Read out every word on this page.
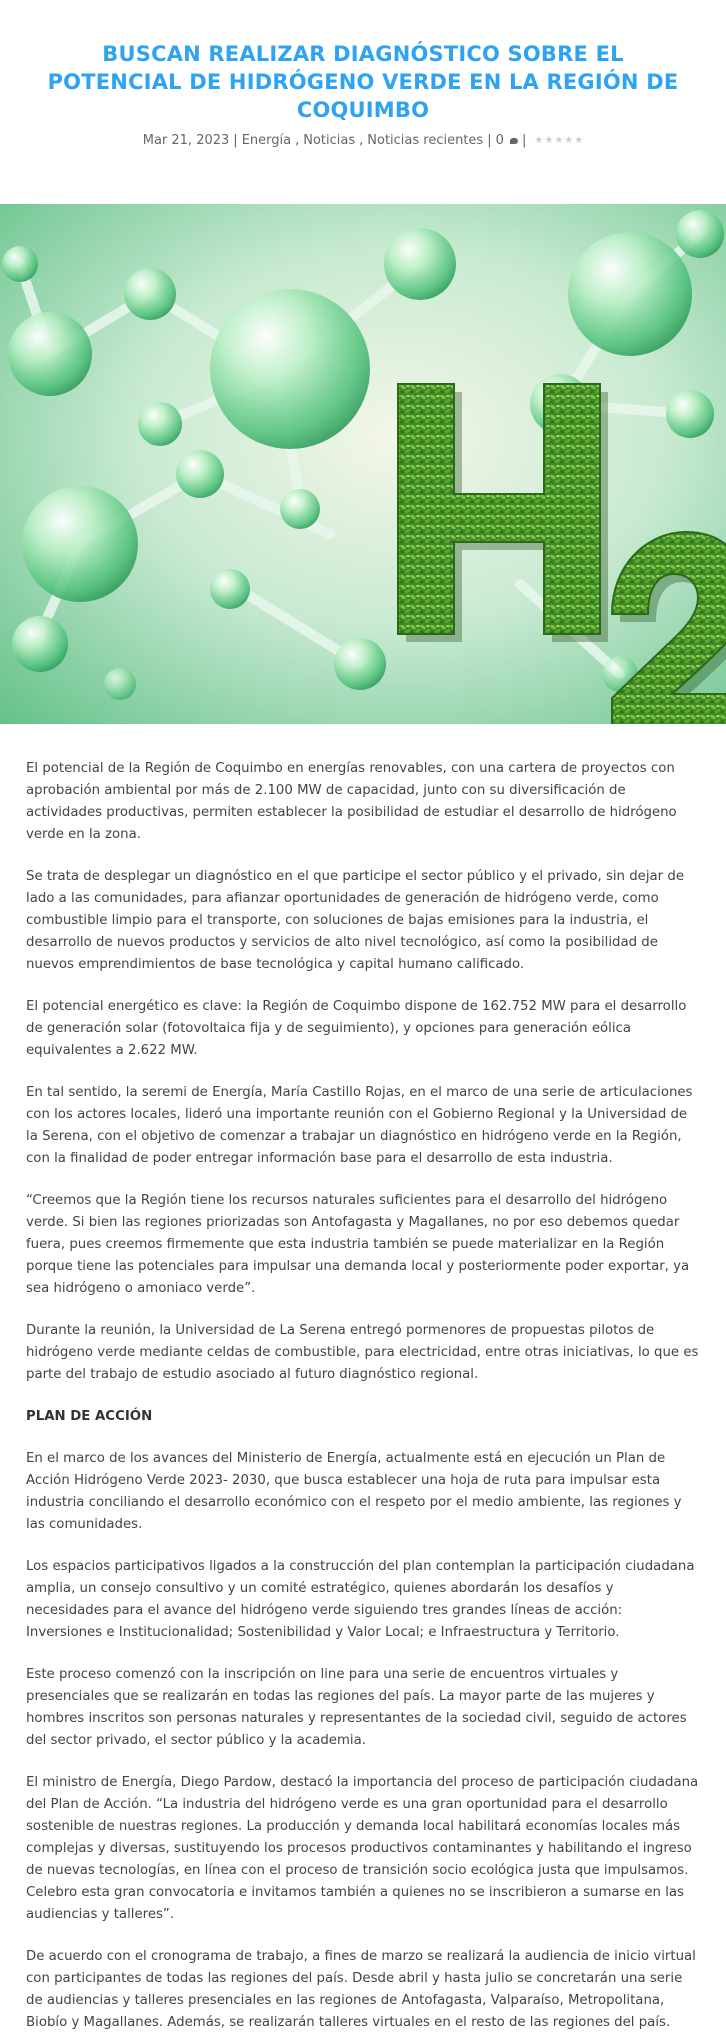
BUSCAN REALIZAR DIAGNÓSTICO SOBRE EL POTENCIAL DE HIDRÓGENO VERDE EN LA REGIÓN DE COQUIMBO
Mar 21, 2023 | Energía , Noticias , Noticias recientes | 0	| ★ ★ ★ ★ ★

El potencial de la Región de Coquimbo en energías renovables, con una cartera de proyectos con aprobación ambiental por más de 2.100 MW de capacidad, junto con su diversificación de actividades productivas, permiten establecer la posibilidad de estudiar el desarrollo de hidrógeno verde en la zona.

Se trata de desplegar un diagnóstico en el que participe el sector público y el privado, sin dejar de lado a las comunidades, para afianzar oportunidades de generación de hidrógeno verde, como combustible limpio para el transporte, con soluciones de bajas emisiones para la industria, el desarrollo de nuevos productos y servicios de alto nivel tecnológico, así como la posibilidad de nuevos emprendimientos de base tecnológica y capital humano calificado.

El potencial energético es clave: la Región de Coquimbo dispone de 162.752 MW para el desarrollo de generación solar (fotovoltaica fija y de seguimiento), y opciones para generación eólica equivalentes a 2.622 MW.

En tal sentido, la seremi de Energía, María Castillo Rojas, en el marco de una serie de articulaciones con los actores locales, lideró una importante reunión con el Gobierno Regional y la Universidad de la Serena, con el objetivo de comenzar a trabajar un diagnóstico en hidrógeno verde en la Región, con la finalidad de poder entregar información base para el desarrollo de esta industria.

“Creemos que la Región tiene los recursos naturales suficientes para el desarrollo del hidrógeno verde. Si bien las regiones priorizadas son Antofagasta y Magallanes, no por eso debemos quedar fuera, pues creemos firmemente que esta industria también se puede materializar en la Región porque tiene las potenciales para impulsar una demanda local y posteriormente poder exportar, ya sea hidrógeno o amoniaco verde”.

Durante la reunión, la Universidad de La Serena entregó pormenores de propuestas pilotos de hidrógeno verde mediante celdas de combustible, para electricidad, entre otras iniciativas, lo que es parte del trabajo de estudio asociado al futuro diagnóstico regional.

PLAN DE ACCIÓN

En el marco de los avances del Ministerio de Energía, actualmente está en ejecución un Plan de Acción Hidrógeno Verde 2023- 2030, que busca establecer una hoja de ruta para impulsar esta industria conciliando el desarrollo económico con el respeto por el medio ambiente, las regiones y las comunidades.

Los espacios participativos ligados a la construcción del plan contemplan la participación ciudadana amplia, un consejo consultivo y un comité estratégico, quienes abordarán los desafíos y necesidades para el avance del hidrógeno verde siguiendo tres grandes líneas de acción: Inversiones e Institucionalidad; Sostenibilidad y Valor Local; e Infraestructura y Territorio.

Este proceso comenzó con la inscripción on line para una serie de encuentros virtuales y presenciales que se realizarán en todas las regiones del país. La mayor parte de las mujeres y hombres inscritos son personas naturales y representantes de la sociedad civil, seguido de actores del sector privado, el sector público y la academia.

El ministro de Energía, Diego Pardow, destacó la importancia del proceso de participación ciudadana del Plan de Acción. “La industria del hidrógeno verde es una gran oportunidad para el desarrollo sostenible de nuestras regiones. La producción y demanda local habilitará economías locales más complejas y diversas, sustituyendo los procesos productivos contaminantes y habilitando el ingreso de nuevas tecnologías, en línea con el proceso de transición socio ecológica justa que impulsamos. Celebro esta gran convocatoria e invitamos también a quienes no se inscribieron a sumarse en las audiencias y talleres”.

De acuerdo con el cronograma de trabajo, a fines de marzo se realizará la audiencia de inicio virtual con participantes de todas las regiones del país. Desde abril y hasta julio se concretarán una serie de audiencias y talleres presenciales en las regiones de Antofagasta, Valparaíso, Metropolitana, Biobío y Magallanes. Además, se realizarán talleres virtuales en el resto de las regiones del país.
